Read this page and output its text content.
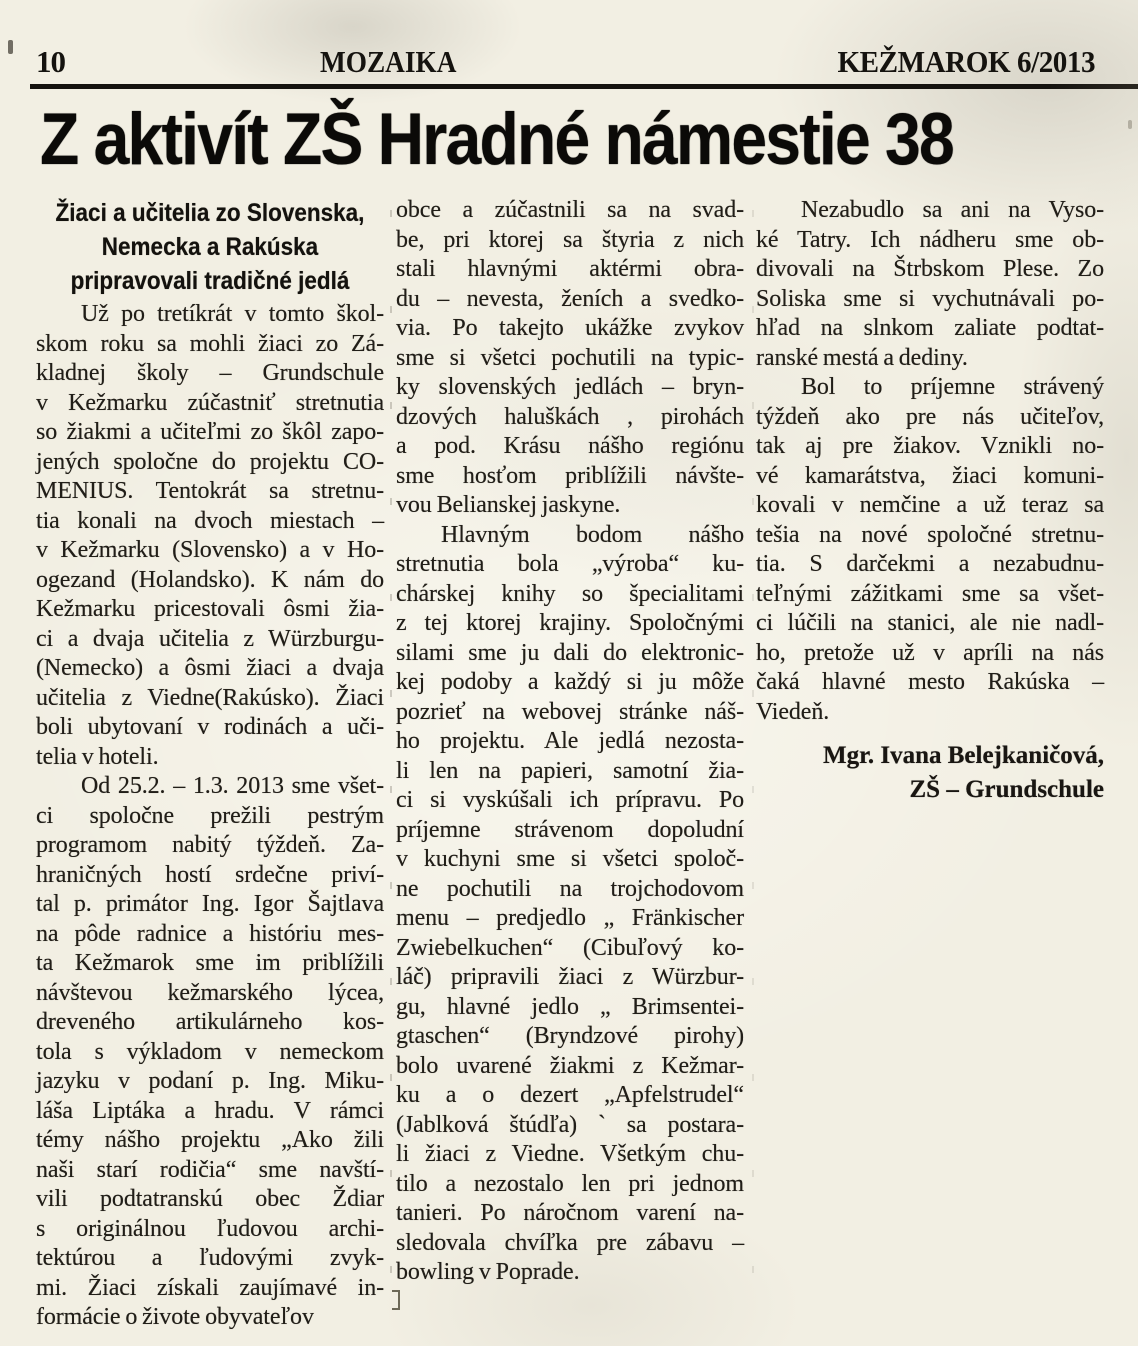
10	MOZAIKA	KEŽMAROK 6/2013
Z aktivít ZŠ Hradné námestie 38
Žiaci a učitelia zo Slovenska,
Nemecka a Rakúska
pripravovali tradičné jedlá
Už po tretíkrát v tomto škol-
skom roku sa mohli žiaci zo Zá-
kladnej školy – Grundschule
v Kežmarku zúčastniť stretnutia
so žiakmi a učiteľmi zo škôl zapo-
jených spoločne do projektu CO-
MENIUS. Tentokrát sa stretnu-
tia konali na dvoch miestach –
v Kežmarku (Slovensko) a v Ho-
ogezand (Holandsko). K nám do
Kežmarku pricestovali ôsmi žia-
ci a dvaja učitelia z Würzburgu-
(Nemecko) a ôsmi žiaci a dvaja
učitelia z Viedne(Rakúsko). Žiaci
boli ubytovaní v rodinách a uči-
telia v hoteli.
Od 25.2. – 1.3. 2013 sme všet-
ci spoločne prežili pestrým
programom nabitý týždeň. Za-
hraničných hostí srdečne priví-
tal p. primátor Ing. Igor Šajtlava
na pôde radnice a históriu mes-
ta Kežmarok sme im priblížili
návštevou kežmarského lýcea,
dreveného artikulárneho kos-
tola s výkladom v nemeckom
jazyku v podaní p. Ing. Miku-
láša Liptáka a hradu. V rámci
témy nášho projektu „Ako žili
naši starí rodičia“ sme navští-
vili podtatranskú obec Ždiar
s originálnou ľudovou archi-
tektúrou a ľudovými zvyk-
mi. Žiaci získali zaujímavé in-
formácie o živote obyvateľov
obce a zúčastnili sa na svad-
be, pri ktorej sa štyria z nich
stali hlavnými aktérmi obra-
du – nevesta, ženích a svedko-
via. Po takejto ukážke zvykov
sme si všetci pochutili na typic-
ky slovenských jedlách – bryn-
dzových haluškách , pirohách
a pod. Krásu nášho regiónu
sme hosťom priblížili návšte-
vou Belianskej jaskyne.
Hlavným bodom nášho
stretnutia bola „výroba“ ku-
chárskej knihy so špecialitami
z tej ktorej krajiny. Spoločnými
silami sme ju dali do elektronic-
kej podoby a každý si ju môže
pozrieť na webovej stránke náš-
ho projektu. Ale jedlá nezosta-
li len na papieri, samotní žia-
ci si vyskúšali ich prípravu. Po
príjemne strávenom dopoludní
v kuchyni sme si všetci spoloč-
ne pochutili na trojchodovom
menu – predjedlo „ Fränkischer
Zwiebelkuchen“ (Cibuľový ko-
láč) pripravili žiaci z Würzbur-
gu, hlavné jedlo „ Brimsentei-
gtaschen“ (Bryndzové pirohy)
bolo uvarené žiakmi z Kežmar-
ku a o dezert „Apfelstrudel“
(Jablková štúdľa) ` sa postara-
li žiaci z Viedne. Všetkým chu-
tilo a nezostalo len pri jednom
tanieri. Po náročnom varení na-
sledovala chvíľka pre zábavu –
bowling v Poprade.
Nezabudlo sa ani na Vyso-
ké Tatry. Ich nádheru sme ob-
divovali na Štrbskom Plese. Zo
Soliska sme si vychutnávali po-
hľad na slnkom zaliate podtat-
ranské mestá a dediny.
Bol to príjemne strávený
týždeň ako pre nás učiteľov,
tak aj pre žiakov. Vznikli no-
vé kamarátstva, žiaci komuni-
kovali v nemčine a už teraz sa
tešia na nové spoločné stretnu-
tia. S darčekmi a nezabudnu-
teľnými zážitkami sme sa všet-
ci lúčili na stanici, ale nie nadl-
ho, pretože už v apríli na nás
čaká hlavné mesto Rakúska –
Viedeň.
Mgr. Ivana Belejkaničová,
ZŠ – Grundschule
